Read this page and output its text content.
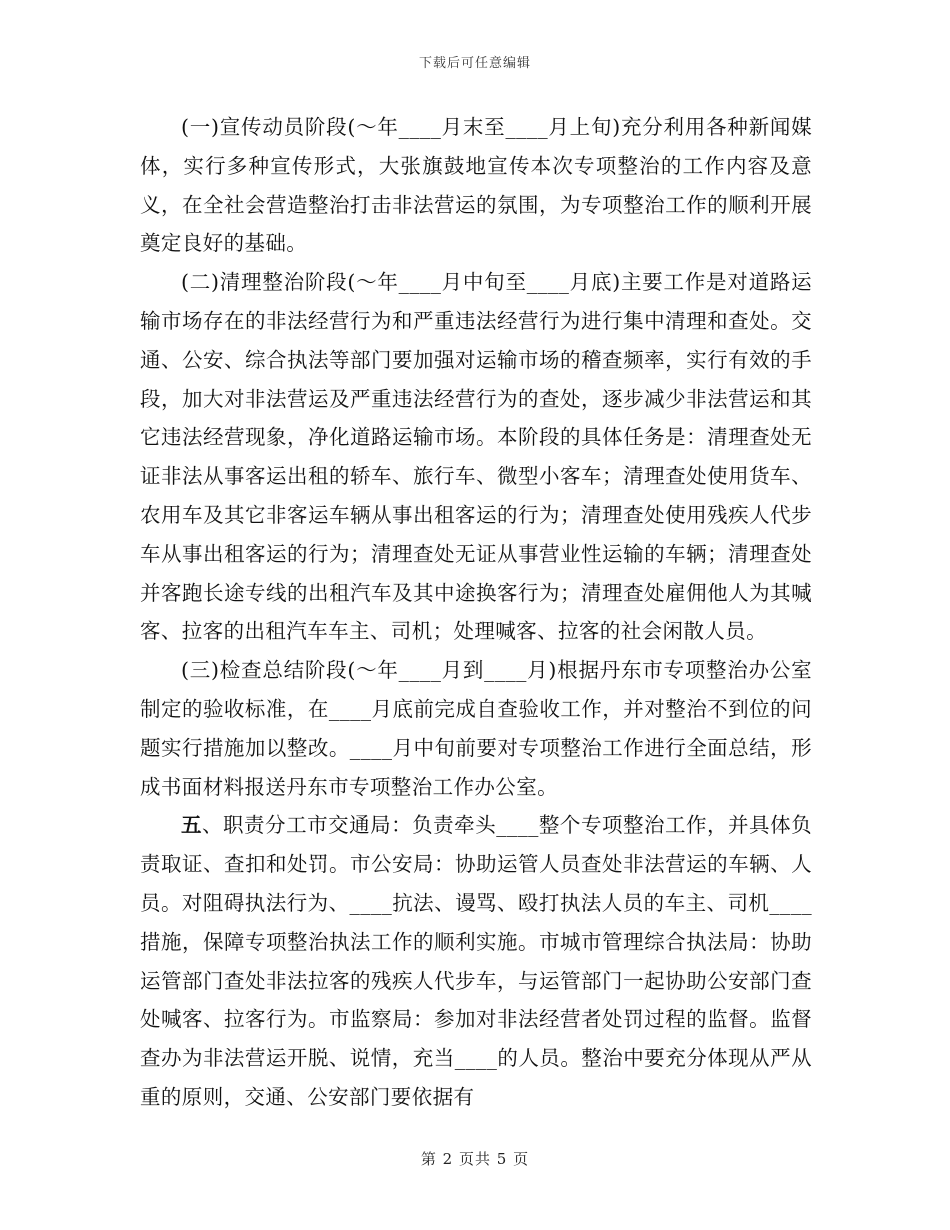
下载后可任意编辑

(一)宣传动员阶段(～年____月末至____月上旬)充分利用各种新闻媒体，实行多种宣传形式，大张旗鼓地宣传本次专项整治的工作内容及意义，在全社会营造整治打击非法营运的氛围，为专项整治工作的顺利开展奠定良好的基础。

(二)清理整治阶段(～年____月中旬至____月底)主要工作是对道路运输市场存在的非法经营行为和严重违法经营行为进行集中清理和查处。交通、公安、综合执法等部门要加强对运输市场的稽查频率，实行有效的手段，加大对非法营运及严重违法经营行为的查处，逐步减少非法营运和其它违法经营现象，净化道路运输市场。本阶段的具体任务是：清理查处无证非法从事客运出租的轿车、旅行车、微型小客车；清理查处使用货车、农用车及其它非客运车辆从事出租客运的行为；清理查处使用残疾人代步车从事出租客运的行为；清理查处无证从事营业性运输的车辆；清理查处并客跑长途专线的出租汽车及其中途换客行为；清理查处雇佣他人为其喊客、拉客的出租汽车车主、司机；处理喊客、拉客的社会闲散人员。

(三)检查总结阶段(～年____月到____月)根据丹东市专项整治办公室制定的验收标准，在____月底前完成自查验收工作，并对整治不到位的问题实行措施加以整改。____月中旬前要对专项整治工作进行全面总结，形成书面材料报送丹东市专项整治工作办公室。

五、职责分工市交通局：负责牵头____整个专项整治工作，并具体负责取证、查扣和处罚。市公安局：协助运管人员查处非法营运的车辆、人员。对阻碍执法行为、____抗法、谩骂、殴打执法人员的车主、司机____措施，保障专项整治执法工作的顺利实施。市城市管理综合执法局：协助运管部门查处非法拉客的残疾人代步车，与运管部门一起协助公安部门查处喊客、拉客行为。市监察局：参加对非法经营者处罚过程的监督。监督查办为非法营运开脱、说情，充当____的人员。整治中要充分体现从严从重的原则，交通、公安部门要依据有

第 2 页共 5 页
